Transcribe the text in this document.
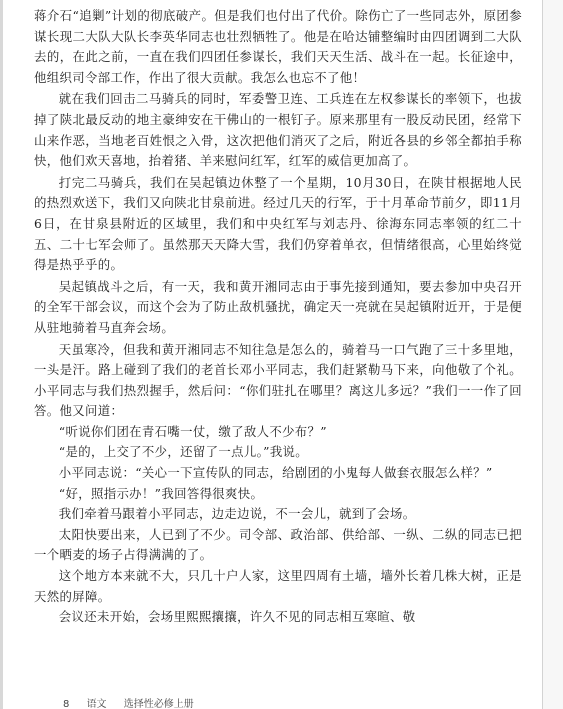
蒋介石“追剿”计划的彻底破产。但是我们也付出了代价。除伤亡了一些同志外，原团参谋长现二大队大队长李英华同志也壮烈牺牲了。他是在哈达铺整编时由四团调到二大队去的，在此之前，一直在我们四团任参谋长，我们天天生活、战斗在一起。长征途中，他组织司令部工作，作出了很大贡献。我怎么也忘不了他！

就在我们回击二马骑兵的同时，军委警卫连、工兵连在左权参谋长的率领下，也拔掉了陕北最反动的地主豪绅安在干佛山的一根钉子。原来那里有一股反动民团，经常下山来作恶，当地老百姓恨之入骨，这次把他们消灭了之后，附近各县的乡邻全都拍手称快，他们欢天喜地，抬着猪、羊来慰问红军，红军的威信更加高了。

打完二马骑兵，我们在吴起镇边休整了一个星期，10月30日，在陕甘根据地人民的热烈欢送下，我们又向陕北甘泉前进。经过几天的行军，于十月革命节前夕，即11月6日，在甘泉县附近的区域里，我们和中央红军与刘志丹、徐海东同志率领的红二十五、二十七军会师了。虽然那天天降大雪，我们仍穿着单衣，但情绪很高，心里始终觉得是热乎乎的。

吴起镇战斗之后，有一天，我和黄开湘同志由于事先接到通知，要去参加中央召开的全军干部会议，而这个会为了防止敌机骚扰，确定天一亮就在吴起镇附近开，于是便从驻地骑着马直奔会场。

天虽寒冷，但我和黄开湘同志不知往急是怎么的，骑着马一口气跑了三十多里地，一头是汗。路上碰到了我们的老首长邓小平同志，我们赶紧勒马下来，向他敬了个礼。小平同志与我们热烈握手，然后问：“你们驻扎在哪里？离这儿多远？”我们一一作了回答。他又问道：

“听说你们团在青石嘴一仗，缴了敌人不少布？”

“是的，上交了不少，还留了一点儿。”我说。

小平同志说：“关心一下宣传队的同志，给剧团的小鬼每人做套衣服怎么样？”

“好，照指示办！”我回答得很爽快。

我们牵着马跟着小平同志，边走边说，不一会儿，就到了会场。

太阳快要出来，人已到了不少。司令部、政治部、供给部、一纵、二纵的同志已把一个晒麦的场子占得满满的了。

这个地方本来就不大，只几十户人家，这里四周有土墙，墙外长着几株大树，正是天然的屏障。

会议还未开始，会场里熙熙攘攘，许久不见的同志相互寒暄、敬

8 语文 选择性必修上册
